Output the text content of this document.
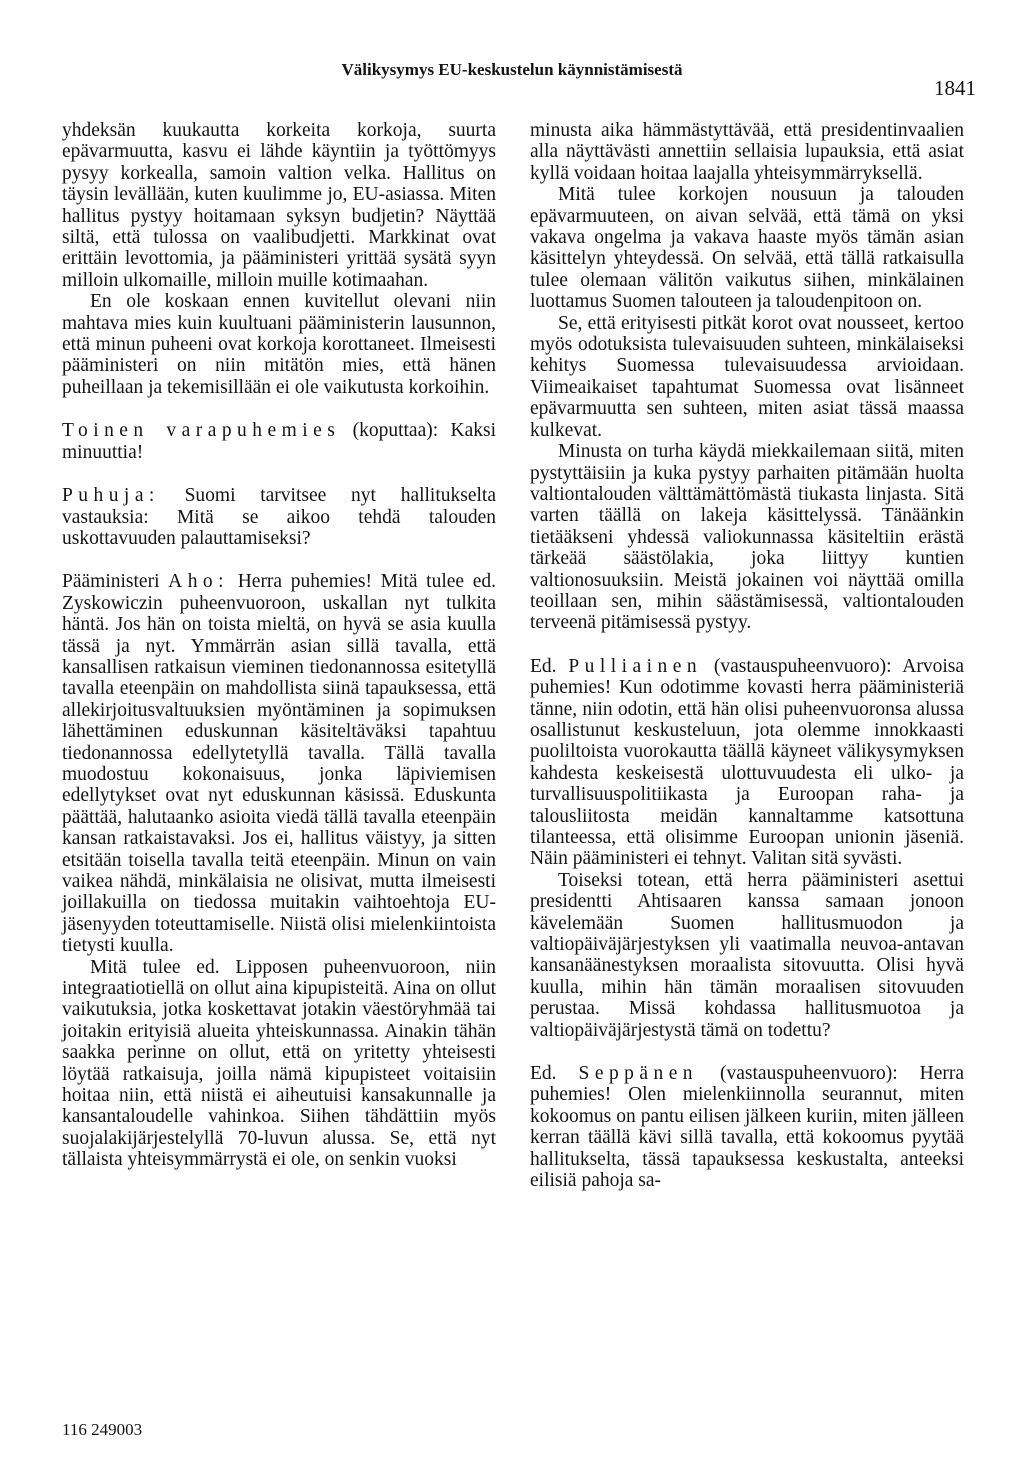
Välikysymys EU-keskustelun käynnistämisestä
1841

yhdeksän kuukautta korkeita korkoja, suurta epävarmuutta, kasvu ei lähde käyntiin ja työttömyys pysyy korkealla, samoin valtion velka. Hallitus on täysin levällään, kuten kuulimme jo, EU-asiassa. Miten hallitus pystyy hoitamaan syksyn budjetin? Näyttää siltä, että tulossa on vaalibudjetti. Markkinat ovat erittäin levottomia, ja pääministeri yrittää sysätä syyn milloin ulkomaille, milloin muille kotimaahan.

En ole koskaan ennen kuvitellut olevani niin mahtava mies kuin kuultuani pääministerin lausunnon, että minun puheeni ovat korkoja korottaneet. Ilmeisesti pääministeri on niin mitätön mies, että hänen puheillaan ja tekemisillään ei ole vaikutusta korkoihin.

Toinen varapuhemies (koputtaa): Kaksi minuuttia!

Puhuja: Suomi tarvitsee nyt hallitukselta vastauksia: Mitä se aikoo tehdä talouden uskottavuuden palauttamiseksi?

Pääministeri Aho: Herra puhemies! Mitä tulee ed. Zyskowiczin puheenvuoroon, uskallan nyt tulkita häntä. Jos hän on toista mieltä, on hyvä se asia kuulla tässä ja nyt. Ymmärrän asian sillä tavalla, että kansallisen ratkaisun vieminen tiedonannossa esitetyllä tavalla eteenpäin on mahdollista siinä tapauksessa, että allekirjoitusvaltuuksien myöntäminen ja sopimuksen lähettäminen eduskunnan käsiteltäväksi tapahtuu tiedonannossa edellytetyllä tavalla. Tällä tavalla muodostuu kokonaisuus, jonka läpiviemisen edellytykset ovat nyt eduskunnan käsissä. Eduskunta päättää, halutaanko asioita viedä tällä tavalla eteenpäin kansan ratkaistavaksi. Jos ei, hallitus väistyy, ja sitten etsitään toisella tavalla teitä eteenpäin. Minun on vain vaikea nähdä, minkälaisia ne olisivat, mutta ilmeisesti joillakuilla on tiedossa muitakin vaihtoehtoja EU-jäsenyyden toteuttamiselle. Niistä olisi mielenkiintoista tietysti kuulla.

Mitä tulee ed. Lipposen puheenvuoroon, niin integraatiotiellä on ollut aina kipupisteitä. Aina on ollut vaikutuksia, jotka koskettavat jotakin väestöryhmää tai joitakin erityisiä alueita yhteiskunnassa. Ainakin tähän saakka perinne on ollut, että on yritetty yhteisesti löytää ratkaisuja, joilla nämä kipupisteet voitaisiin hoitaa niin, että niistä ei aiheutuisi kansakunnalle ja kansantaloudelle vahinkoa. Siihen tähdättiin myös suojalakijärjestelyllä 70-luvun alussa. Se, että nyt tällaista yhteisymmärrystä ei ole, on senkin vuoksi

minusta aika hämmästyttävää, että presidentinvaalien alla näyttävästi annettiin sellaisia lupauksia, että asiat kyllä voidaan hoitaa laajalla yhteisymmärryksellä.

Mitä tulee korkojen nousuun ja talouden epävarmuuteen, on aivan selvää, että tämä on yksi vakava ongelma ja vakava haaste myös tämän asian käsittelyn yhteydessä. On selvää, että tällä ratkaisulla tulee olemaan välitön vaikutus siihen, minkälainen luottamus Suomen talouteen ja taloudenpitoon on.

Se, että erityisesti pitkät korot ovat nousseet, kertoo myös odotuksista tulevaisuuden suhteen, minkälaiseksi kehitys Suomessa tulevaisuudessa arvioidaan. Viimeaikaiset tapahtumat Suomessa ovat lisänneet epävarmuutta sen suhteen, miten asiat tässä maassa kulkevat.

Minusta on turha käydä miekkailemaan siitä, miten pystyttäisiin ja kuka pystyy parhaiten pitämään huolta valtiontalouden välttämättömästä tiukasta linjasta. Sitä varten täällä on lakeja käsittelyssä. Tänäänkin tietääkseni yhdessä valiokunnassa käsiteltiin erästä tärkeää säästölakia, joka liittyy kuntien valtionosuuksiin. Meistä jokainen voi näyttää omilla teoillaan sen, mihin säästämisessä, valtiontalouden terveenä pitämisessä pystyy.

Ed. Pulliainen (vastauspuheenvuoro): Arvoisa puhemies! Kun odotimme kovasti herra pääministeriä tänne, niin odotin, että hän olisi puheenvuoronsa alussa osallistunut keskusteluun, jota olemme innokkaasti puoliltoista vuorokautta täällä käyneet välikysymyksen kahdesta keskeisestä ulottuvuudesta eli ulko- ja turvallisuuspolitiikasta ja Euroopan raha- ja talousliitosta meidän kannaltamme katsottuna tilanteessa, että olisimme Euroopan unionin jäseniä. Näin pääministeri ei tehnyt. Valitan sitä syvästi.

Toiseksi totean, että herra pääministeri asettui presidentti Ahtisaaren kanssa samaan jonoon kävelemään Suomen hallitusmuodon ja valtiopäiväjärjestyksen yli vaatimalla neuvoa-antavan kansanäänestyksen moraalista sitovuutta. Olisi hyvä kuulla, mihin hän tämän moraalisen sitovuuden perustaa. Missä kohdassa hallitusmuotoa ja valtiopäiväjärjestystä tämä on todettu?

Ed. Seppänen (vastauspuheenvuoro): Herra puhemies! Olen mielenkiinnolla seurannut, miten kokoomus on pantu eilisen jälkeen kuriin, miten jälleen kerran täällä kävi sillä tavalla, että kokoomus pyytää hallitukselta, tässä tapauksessa keskustalta, anteeksi eilisiä pahoja sa-

116 249003
